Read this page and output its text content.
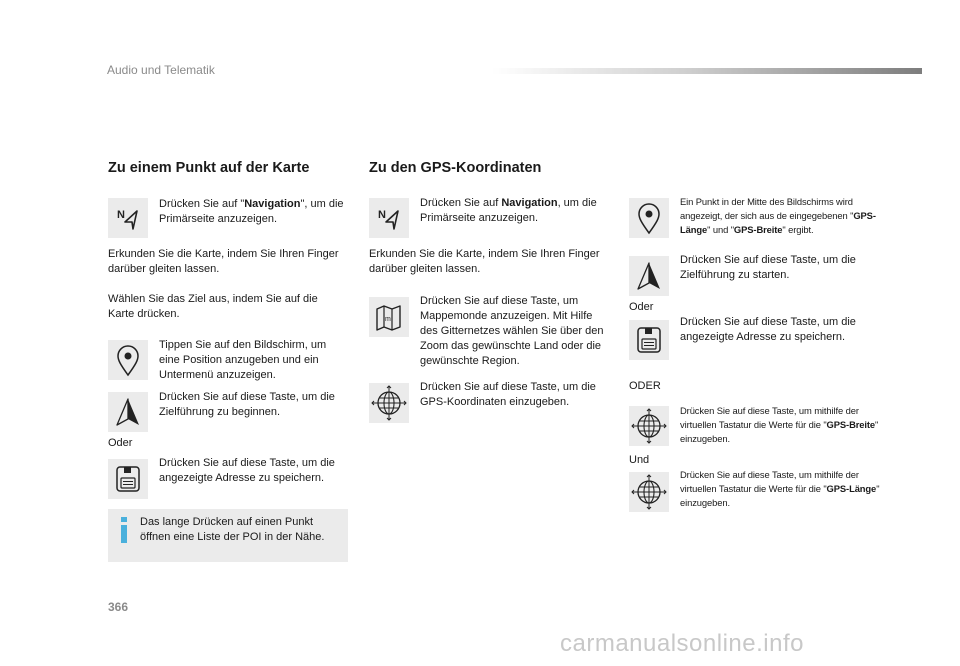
Audio und Telematik
Zu einem Punkt auf der Karte
N
Drücken Sie auf "Navigation", um die Primärseite anzuzeigen.
Erkunden Sie die Karte, indem Sie Ihren Finger darüber gleiten lassen.
Wählen Sie das Ziel aus, indem Sie auf die Karte drücken.
Tippen Sie auf den Bildschirm, um eine Position anzugeben und ein Untermenü anzuzeigen.
Drücken Sie auf diese Taste, um die Zielführung zu beginnen.
Oder
Drücken Sie auf diese Taste, um die angezeigte Adresse zu speichern.
Das lange Drücken auf einen Punkt öffnen eine Liste der POI in der Nähe.
Zu den GPS-Koordinaten
N
Drücken Sie auf Navigation, um die Primärseite anzuzeigen.
Erkunden Sie die Karte, indem Sie Ihren Finger darüber gleiten lassen.
m
Drücken Sie auf diese Taste, um Mappemonde anzuzeigen. Mit Hilfe des Gitternetzes wählen Sie über den Zoom das gewünschte Land oder die gewünschte Region.
Drücken Sie auf diese Taste, um die GPS-Koordinaten einzugeben.
Ein Punkt in der Mitte des Bildschirms wird angezeigt, der sich aus de eingegebenen "GPS-Länge" und "GPS-Breite" ergibt.
Drücken Sie auf diese Taste, um die Zielführung zu starten.
Oder
Drücken Sie auf diese Taste, um die angezeigte Adresse zu speichern.
ODER
Drücken Sie auf diese Taste, um mithilfe der virtuellen Tastatur die Werte für die "GPS-Breite" einzugeben.
Und
Drücken Sie auf diese Taste, um mithilfe der virtuellen Tastatur die Werte für die "GPS-Länge" einzugeben.
366
carmanualsonline.info
